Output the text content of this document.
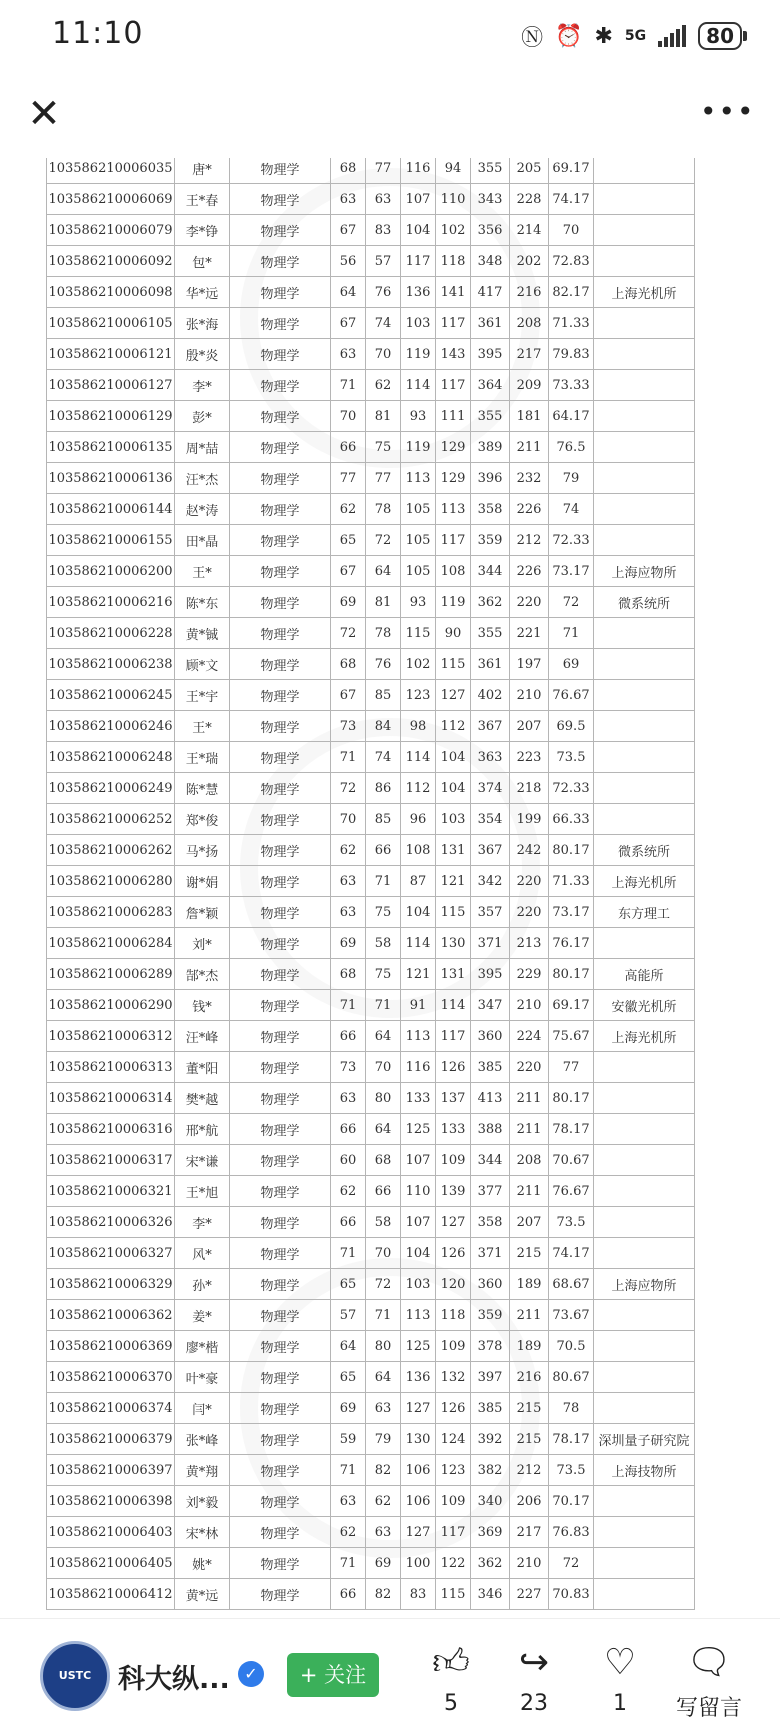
11:10	Ⓝ ⏰ ✱ 5G	80
✕	•••
103586210006035	唐*	物理学	68	77	116	94	355	205	69.17	
103586210006069	王*春	物理学	63	63	107	110	343	228	74.17	
103586210006079	李*铮	物理学	67	83	104	102	356	214	70	
103586210006092	包*	物理学	56	57	117	118	348	202	72.83	
103586210006098	华*远	物理学	64	76	136	141	417	216	82.17	上海光机所
103586210006105	张*海	物理学	67	74	103	117	361	208	71.33	
103586210006121	殷*炎	物理学	63	70	119	143	395	217	79.83	
103586210006127	李*	物理学	71	62	114	117	364	209	73.33	
103586210006129	彭*	物理学	70	81	93	111	355	181	64.17	
103586210006135	周*喆	物理学	66	75	119	129	389	211	76.5	
103586210006136	汪*杰	物理学	77	77	113	129	396	232	79	
103586210006144	赵*涛	物理学	62	78	105	113	358	226	74	
103586210006155	田*晶	物理学	65	72	105	117	359	212	72.33	
103586210006200	王*	物理学	67	64	105	108	344	226	73.17	上海应物所
103586210006216	陈*东	物理学	69	81	93	119	362	220	72	微系统所
103586210006228	黄*铖	物理学	72	78	115	90	355	221	71	
103586210006238	顾*文	物理学	68	76	102	115	361	197	69	
103586210006245	王*宇	物理学	67	85	123	127	402	210	76.67	
103586210006246	王*	物理学	73	84	98	112	367	207	69.5	
103586210006248	王*瑞	物理学	71	74	114	104	363	223	73.5	
103586210006249	陈*慧	物理学	72	86	112	104	374	218	72.33	
103586210006252	郑*俊	物理学	70	85	96	103	354	199	66.33	
103586210006262	马*扬	物理学	62	66	108	131	367	242	80.17	微系统所
103586210006280	谢*娟	物理学	63	71	87	121	342	220	71.33	上海光机所
103586210006283	詹*颖	物理学	63	75	104	115	357	220	73.17	东方理工
103586210006284	刘*	物理学	69	58	114	130	371	213	76.17	
103586210006289	郜*杰	物理学	68	75	121	131	395	229	80.17	高能所
103586210006290	钱*	物理学	71	71	91	114	347	210	69.17	安徽光机所
103586210006312	汪*峰	物理学	66	64	113	117	360	224	75.67	上海光机所
103586210006313	董*阳	物理学	73	70	116	126	385	220	77	
103586210006314	樊*越	物理学	63	80	133	137	413	211	80.17	
103586210006316	邢*航	物理学	66	64	125	133	388	211	78.17	
103586210006317	宋*谦	物理学	60	68	107	109	344	208	70.67	
103586210006321	王*旭	物理学	62	66	110	139	377	211	76.67	
103586210006326	李*	物理学	66	58	107	127	358	207	73.5	
103586210006327	风*	物理学	71	70	104	126	371	215	74.17	
103586210006329	孙*	物理学	65	72	103	120	360	189	68.67	上海应物所
103586210006362	姜*	物理学	57	71	113	118	359	211	73.67	
103586210006369	廖*楷	物理学	64	80	125	109	378	189	70.5	
103586210006370	叶*豪	物理学	65	64	136	132	397	216	80.67	
103586210006374	闫*	物理学	69	63	127	126	385	215	78	
103586210006379	张*峰	物理学	59	79	130	124	392	215	78.17	深圳量子研究院
103586210006397	黄*翔	物理学	71	82	106	123	382	212	73.5	上海技物所
103586210006398	刘*毅	物理学	63	62	106	109	340	206	70.17	
103586210006403	宋*林	物理学	62	63	127	117	369	217	76.83	
103586210006405	姚*	物理学	71	69	100	122	362	210	72	
103586210006412	黄*远	物理学	66	82	83	115	346	227	70.83	
USTC 科大纵... ✓	+ 关注	👍︎
5
↪
23
♡
1
🗨
写留言
